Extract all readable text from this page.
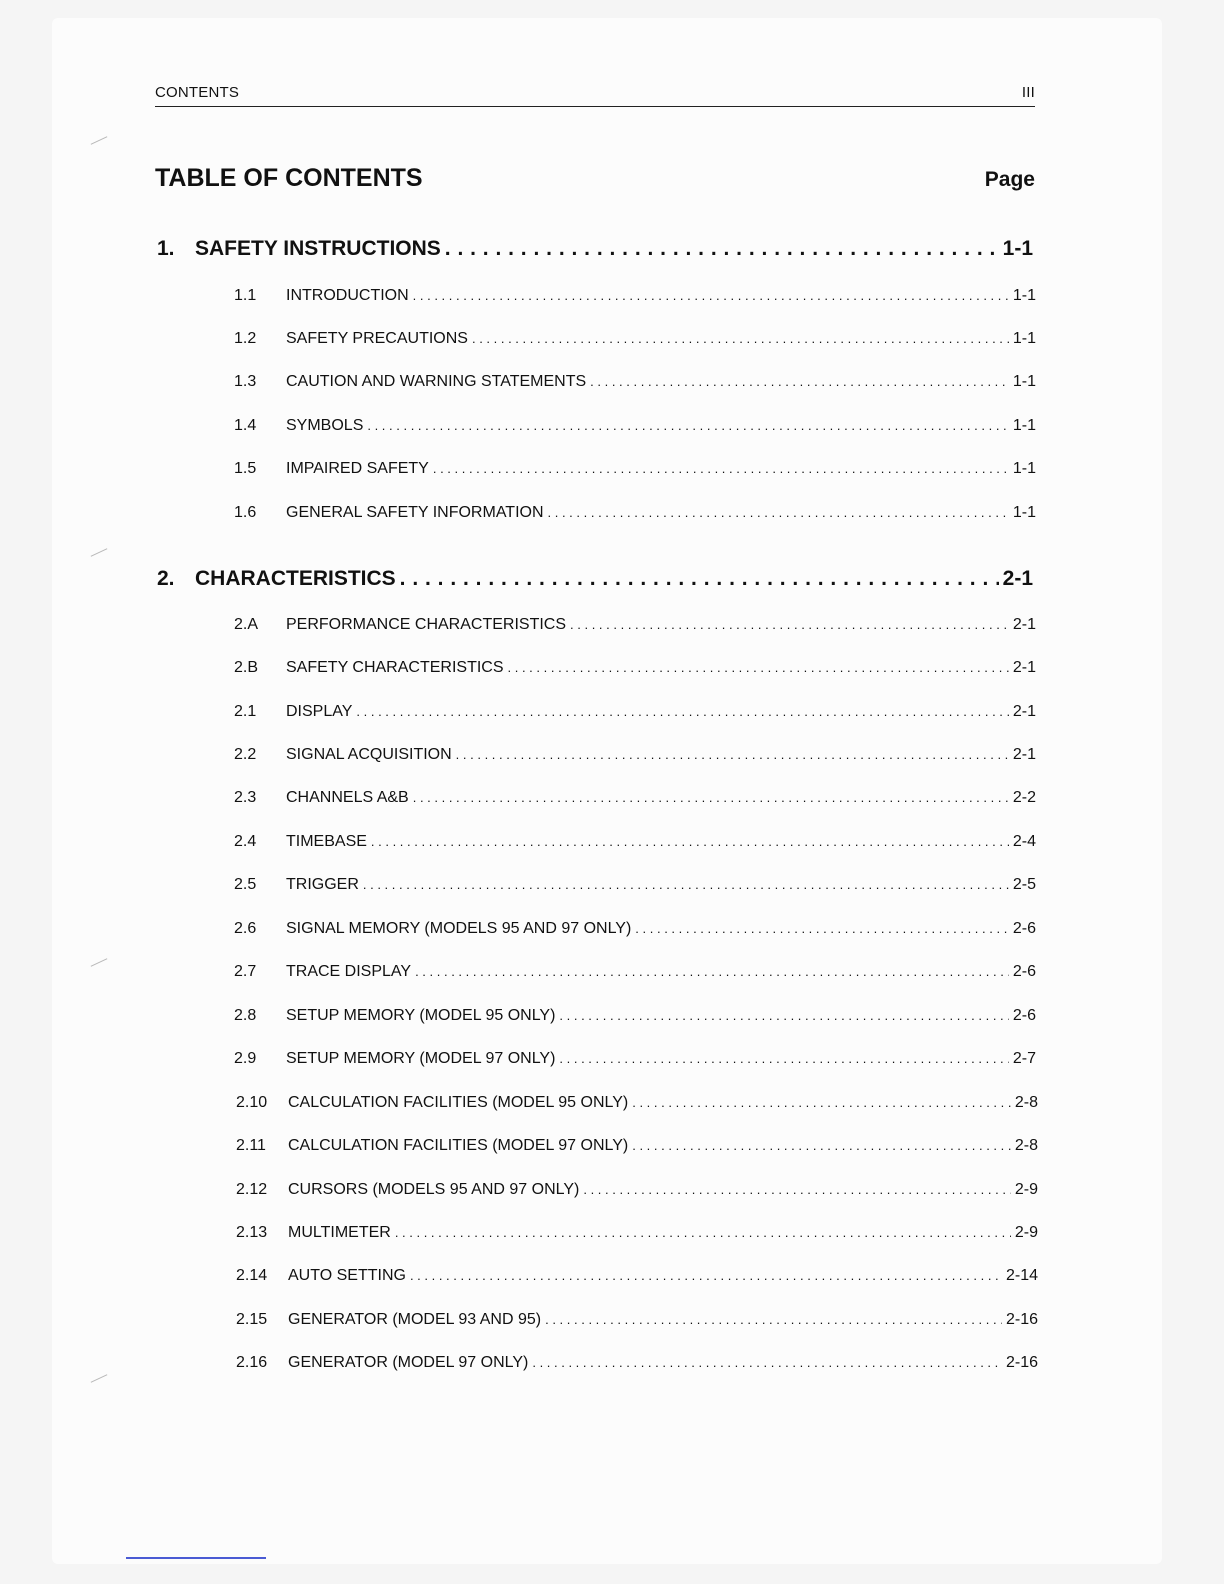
CONTENTS	III
TABLE OF CONTENTS	Page
1. SAFETY INSTRUCTIONS . . .	1-1
1.1	INTRODUCTION . . .	1-1
1.2	SAFETY PRECAUTIONS . . .	1-1
1.3	CAUTION AND WARNING STATEMENTS . . .	1-1
1.4	SYMBOLS . . .	1-1
1.5	IMPAIRED SAFETY . . .	1-1
1.6	GENERAL SAFETY INFORMATION . . .	1-1
2. CHARACTERISTICS . . .	2-1
2.A	PERFORMANCE CHARACTERISTICS . . .	2-1
2.B	SAFETY CHARACTERISTICS . . .	2-1
2.1	DISPLAY . . .	2-1
2.2	SIGNAL ACQUISITION . . .	2-1
2.3	CHANNELS A&B . . .	2-2
2.4	TIMEBASE . . .	2-4
2.5	TRIGGER . . .	2-5
2.6	SIGNAL MEMORY (MODELS 95 AND 97 ONLY) . . .	2-6
2.7	TRACE DISPLAY . . .	2-6
2.8	SETUP MEMORY (MODEL 95 ONLY) . . .	2-6
2.9	SETUP MEMORY (MODEL 97 ONLY) . . .	2-7
2.10	CALCULATION FACILITIES (MODEL 95 ONLY) . . .	2-8
2.11	CALCULATION FACILITIES (MODEL 97 ONLY) . . .	2-8
2.12	CURSORS (MODELS 95 AND 97 ONLY) . . .	2-9
2.13	MULTIMETER . . .	2-9
2.14	AUTO SETTING . . .	2-14
2.15	GENERATOR (MODEL 93 AND 95) . . .	2-16
2.16	GENERATOR (MODEL 97 ONLY) . . .	2-16
